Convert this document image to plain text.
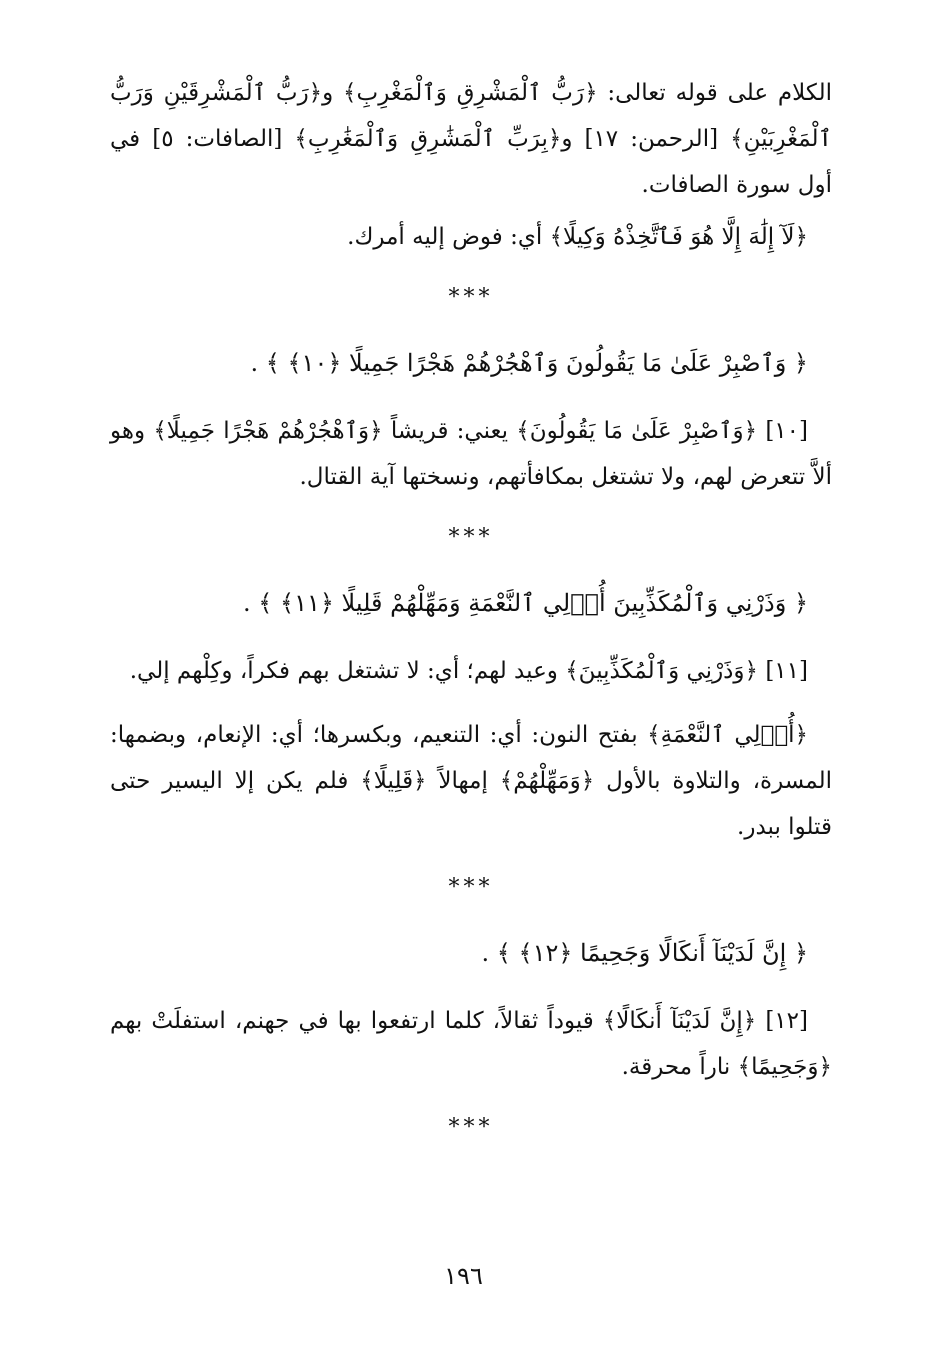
الكلام على قوله تعالى: ﴿رَبُّ ٱلْمَشْرِقِ وَٱلْمَغْرِبِ﴾ و﴿رَبُّ ٱلْمَشْرِقَيْنِ وَرَبُّ ٱلْمَغْرِبَيْنِ﴾ [الرحمن: ١٧] و﴿بِرَبِّ ٱلْمَشَٰرِقِ وَٱلْمَغَٰرِبِ﴾ [الصافات: ٥] في أول سورة الصافات.

﴿لَآ إِلَٰهَ إِلَّا هُوَ فَٱتَّخِذْهُ وَكِيلًا﴾ أي: فوض إليه أمرك.

***

﴿ وَٱصْبِرْ عَلَىٰ مَا يَقُولُونَ وَٱهْجُرْهُمْ هَجْرًا جَمِيلًا ﴿١٠﴾ ﴾ .

[١٠] ﴿وَٱصْبِرْ عَلَىٰ مَا يَقُولُونَ﴾ يعني: قريشاً ﴿وَٱهْجُرْهُمْ هَجْرًا جَمِيلًا﴾ وهو ألاَّ تتعرض لهم، ولا تشتغل بمكافأتهم، ونسختها آية القتال.

***

﴿ وَذَرْنِي وَٱلْمُكَذِّبِينَ أُو۟لِي ٱلنَّعْمَةِ وَمَهِّلْهُمْ قَلِيلًا ﴿١١﴾ ﴾ .

[١١] ﴿وَذَرْنِي وَٱلْمُكَذِّبِينَ﴾ وعيد لهم؛ أي: لا تشتغل بهم فكراً، وكِلْهم إلي.

﴿أُو۟لِي ٱلنَّعْمَةِ﴾ بفتح النون: أي: التنعيم، وبكسرها؛ أي: الإنعام، وبضمها: المسرة، والتلاوة بالأول ﴿وَمَهِّلْهُمْ﴾ إمهالاً ﴿قَلِيلًا﴾ فلم يكن إلا اليسير حتى قتلوا ببدر.

***

﴿ إِنَّ لَدَيْنَآ أَنكَالًا وَجَحِيمًا ﴿١٢﴾ ﴾ .

[١٢] ﴿إِنَّ لَدَيْنَآ أَنكَالًا﴾ قيوداً ثقالاً، كلما ارتفعوا بها في جهنم، استفلَتْ بهم ﴿وَجَحِيمًا﴾ ناراً محرقة.

***
١٩٦
